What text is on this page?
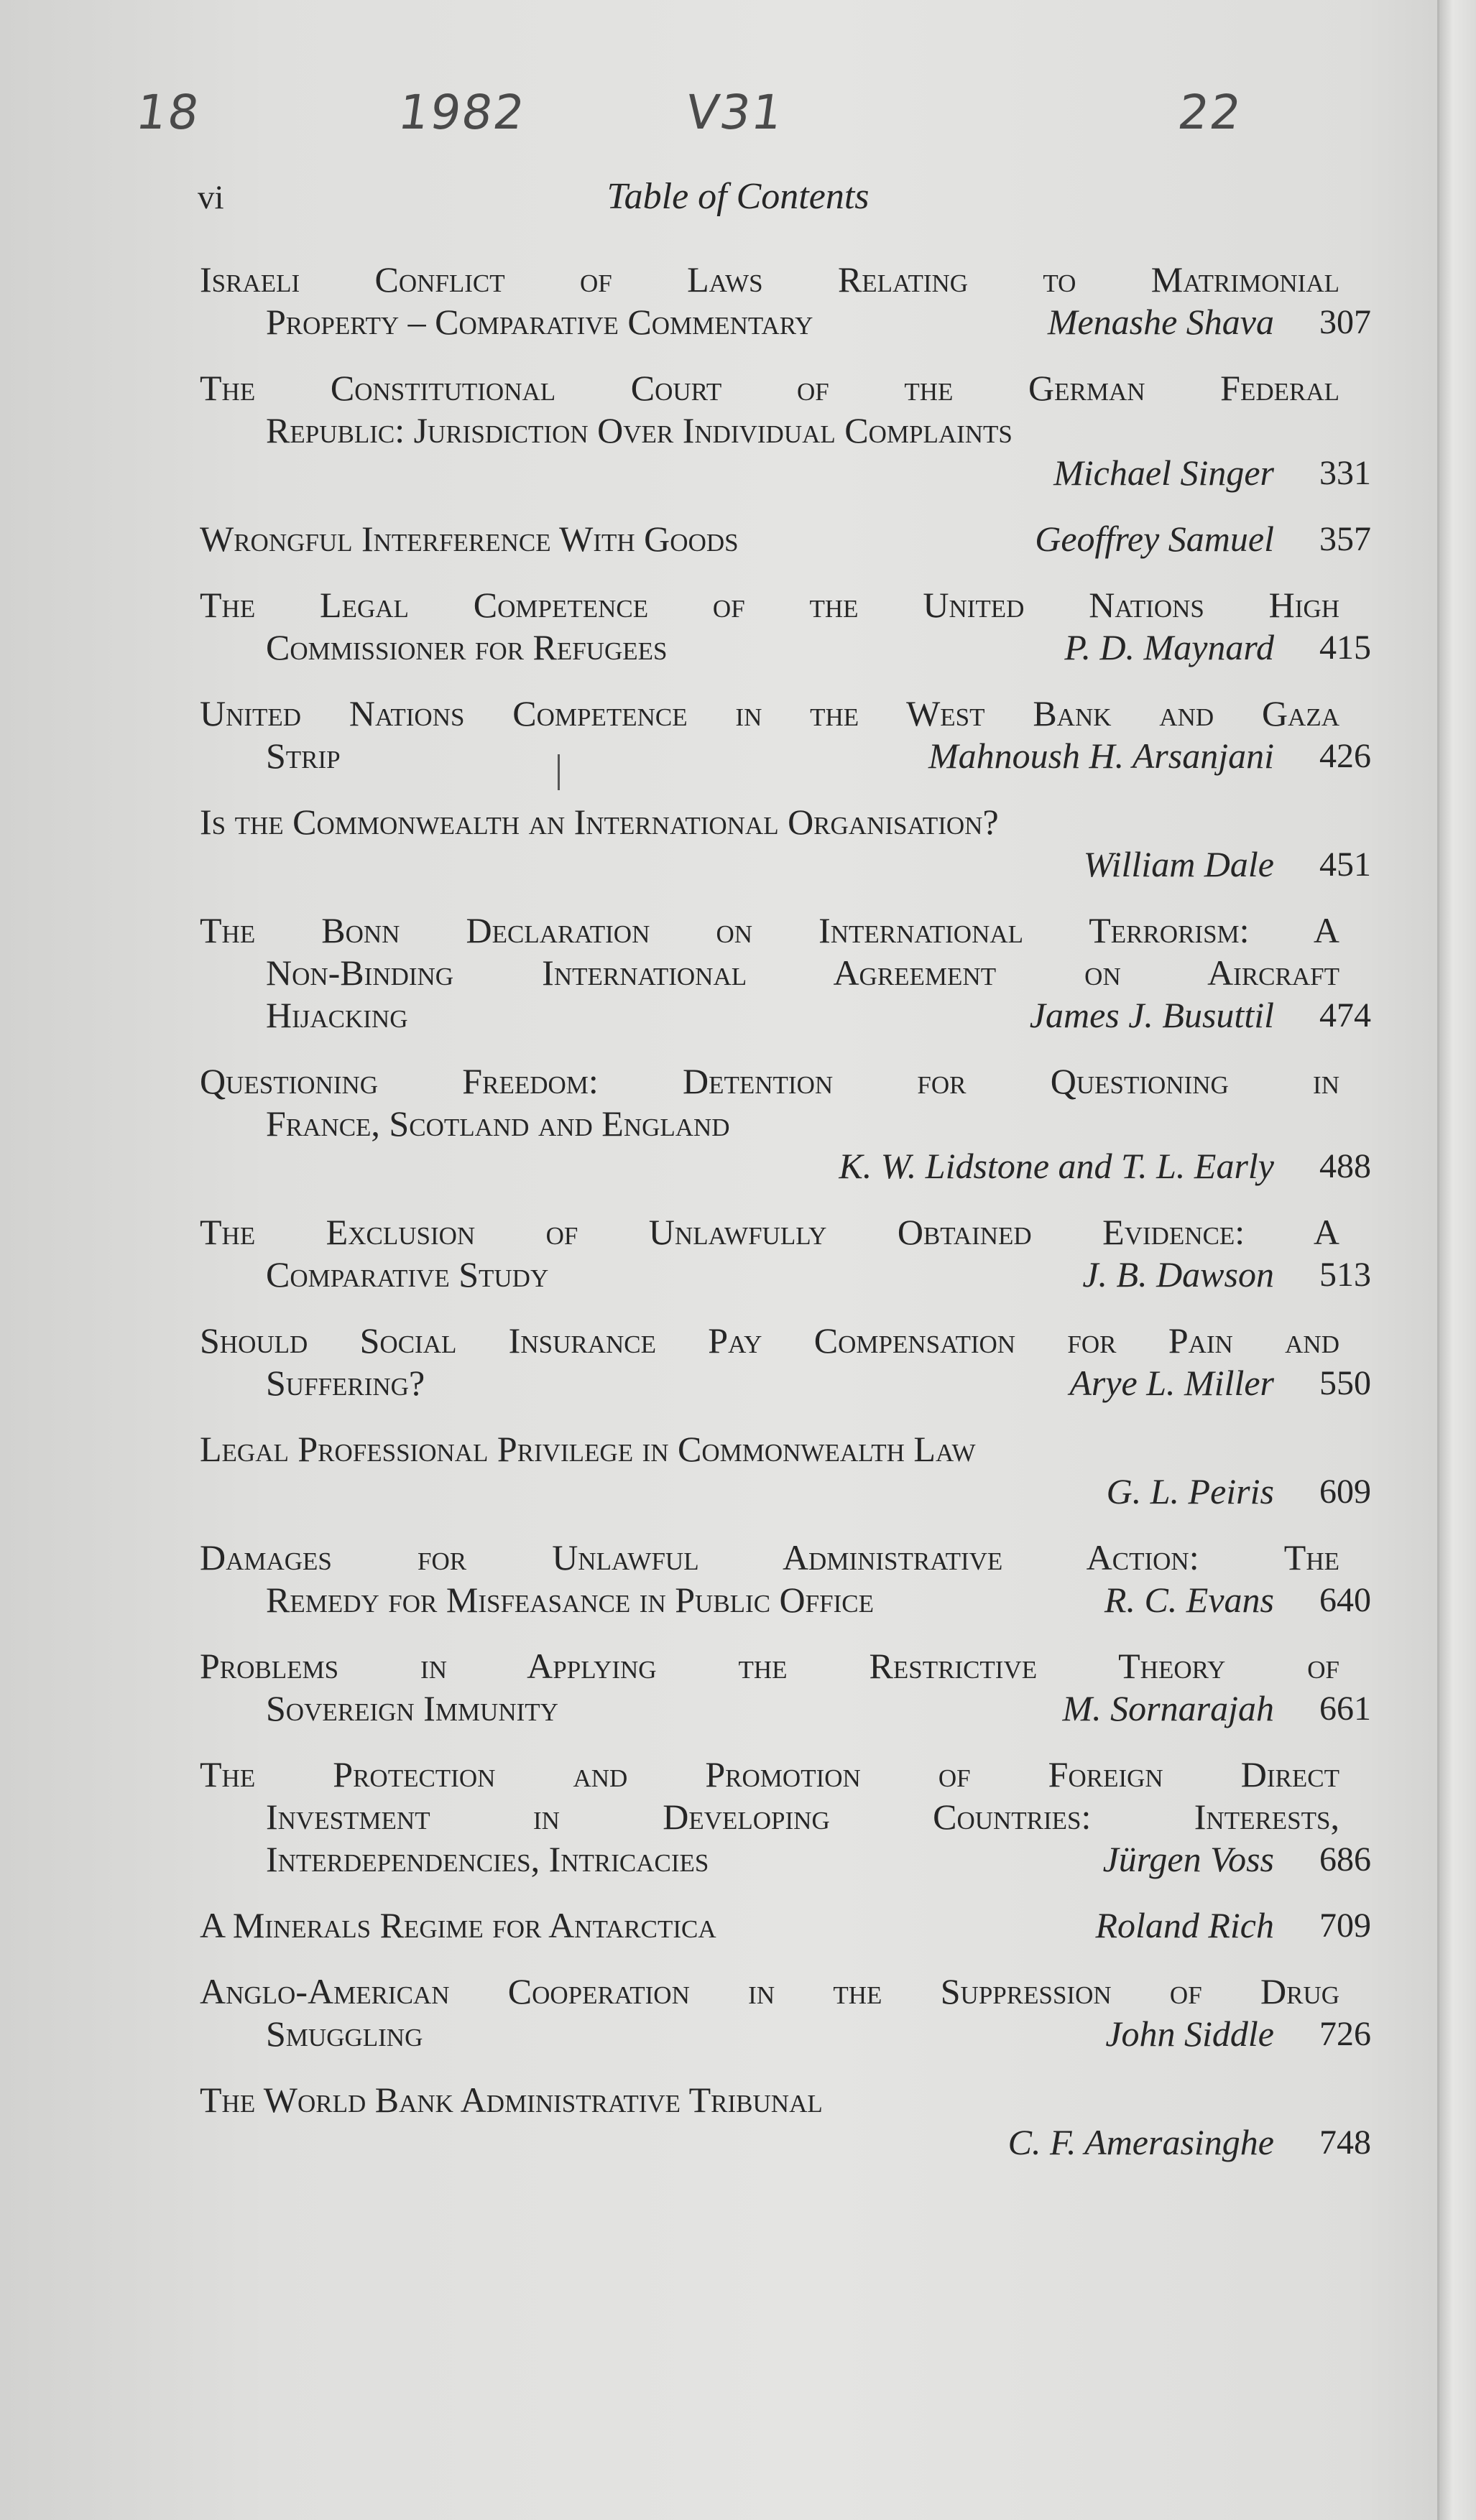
18	1982	V31	22
vi	Table of Contents
Israeli Conflict of Laws Relating to Matrimonial
Property – Comparative Commentary	Menashe Shava	307
The Constitutional Court of the German Federal
Republic: Jurisdiction Over Individual Complaints
Michael Singer	331
Wrongful Interference With Goods	Geoffrey Samuel	357
The Legal Competence of the United Nations High
Commissioner for Refugees	P. D. Maynard	415
United Nations Competence in the West Bank and Gaza
Strip	Mahnoush H. Arsanjani	426
Is the Commonwealth an International Organisation?
William Dale	451
The Bonn Declaration on International Terrorism: A
Non-Binding International Agreement on Aircraft
Hijacking	James J. Busuttil	474
Questioning Freedom: Detention for Questioning in
France, Scotland and England
K. W. Lidstone and T. L. Early	488
The Exclusion of Unlawfully Obtained Evidence: A
Comparative Study	J. B. Dawson	513
Should Social Insurance Pay Compensation for Pain and
Suffering?	Arye L. Miller	550
Legal Professional Privilege in Commonwealth Law
G. L. Peiris	609
Damages for Unlawful Administrative Action: The
Remedy for Misfeasance in Public Office	R. C. Evans	640
Problems in Applying the Restrictive Theory of
Sovereign Immunity	M. Sornarajah	661
The Protection and Promotion of Foreign Direct
Investment in Developing Countries: Interests,
Interdependencies, Intricacies	Jürgen Voss	686
A Minerals Regime for Antarctica	Roland Rich	709
Anglo-American Cooperation in the Suppression of Drug
Smuggling	John Siddle	726
The World Bank Administrative Tribunal
C. F. Amerasinghe	748
